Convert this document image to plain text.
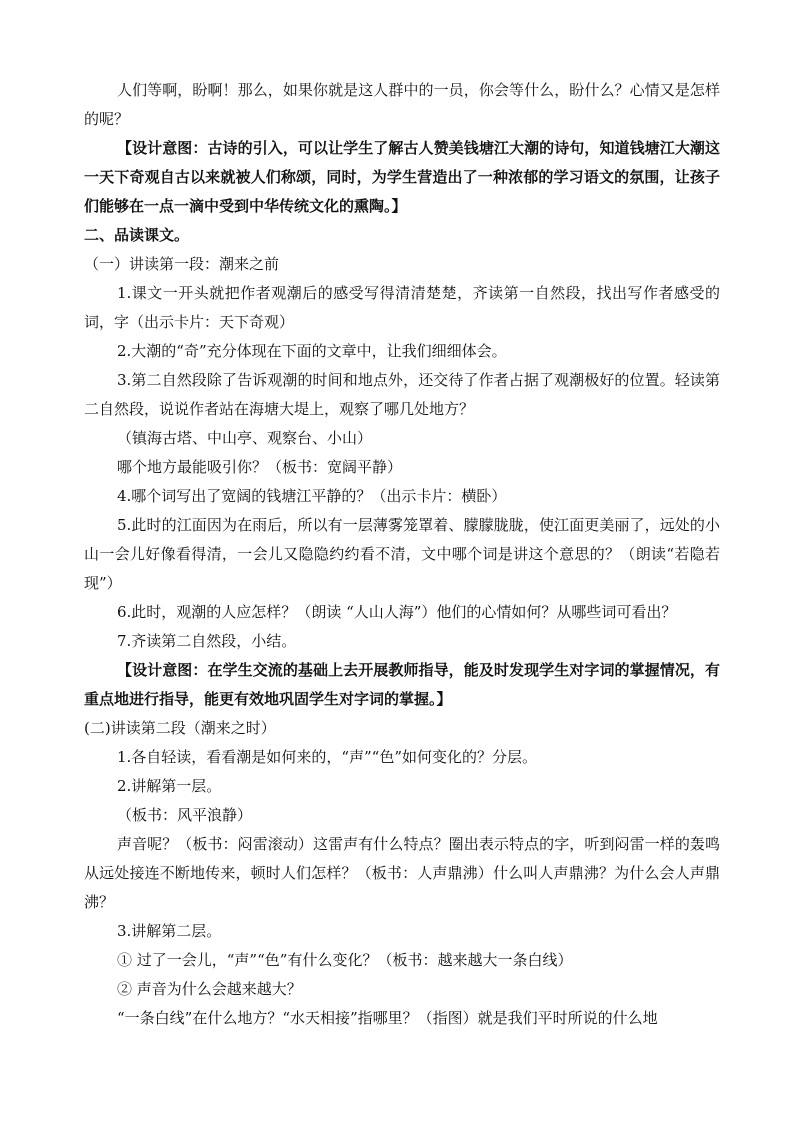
人们等啊，盼啊！那么，如果你就是这人群中的一员，你会等什么，盼什么？心情又是怎样的呢？

【设计意图：古诗的引入，可以让学生了解古人赞美钱塘江大潮的诗句，知道钱塘江大潮这一天下奇观自古以来就被人们称颂，同时，为学生营造出了一种浓郁的学习语文的氛围，让孩子们能够在一点一滴中受到中华传统文化的熏陶。】

二、品读课文。

（一）讲读第一段：潮来之前

1.课文一开头就把作者观潮后的感受写得清清楚楚，齐读第一自然段，找出写作者感受的词，字（出示卡片：天下奇观）

2.大潮的“奇”充分体现在下面的文章中，让我们细细体会。

3.第二自然段除了告诉观潮的时间和地点外，还交待了作者占据了观潮极好的位置。轻读第二自然段，说说作者站在海塘大堤上，观察了哪几处地方？

（镇海古塔、中山亭、观察台、小山）

哪个地方最能吸引你？（板书：宽阔平静）

4.哪个词写出了宽阔的钱塘江平静的？（出示卡片：横卧）

5.此时的江面因为在雨后，所以有一层薄雾笼罩着、朦朦胧胧，使江面更美丽了，远处的小山一会儿好像看得清，一会儿又隐隐约约看不清，文中哪个词是讲这个意思的？（朗读“若隐若现”）

6.此时，观潮的人应怎样？（朗读 “人山人海”）他们的心情如何？从哪些词可看出？

7.齐读第二自然段，小结。

【设计意图：在学生交流的基础上去开展教师指导，能及时发现学生对字词的掌握情况，有重点地进行指导，能更有效地巩固学生对字词的掌握。】

(二)讲读第二段（潮来之时）

1.各自轻读，看看潮是如何来的，“声”“色”如何变化的？分层。

2.讲解第一层。

（板书：风平浪静）

声音呢？（板书：闷雷滚动）这雷声有什么特点？圈出表示特点的字，听到闷雷一样的轰鸣从远处接连不断地传来，顿时人们怎样？（板书：人声鼎沸）什么叫人声鼎沸？为什么会人声鼎沸？

3.讲解第二层。

① 过了一会儿，“声”“色”有什么变化？（板书：越来越大一条白线）

② 声音为什么会越来越大？

“一条白线”在什么地方？“水天相接”指哪里？（指图）就是我们平时所说的什么地
